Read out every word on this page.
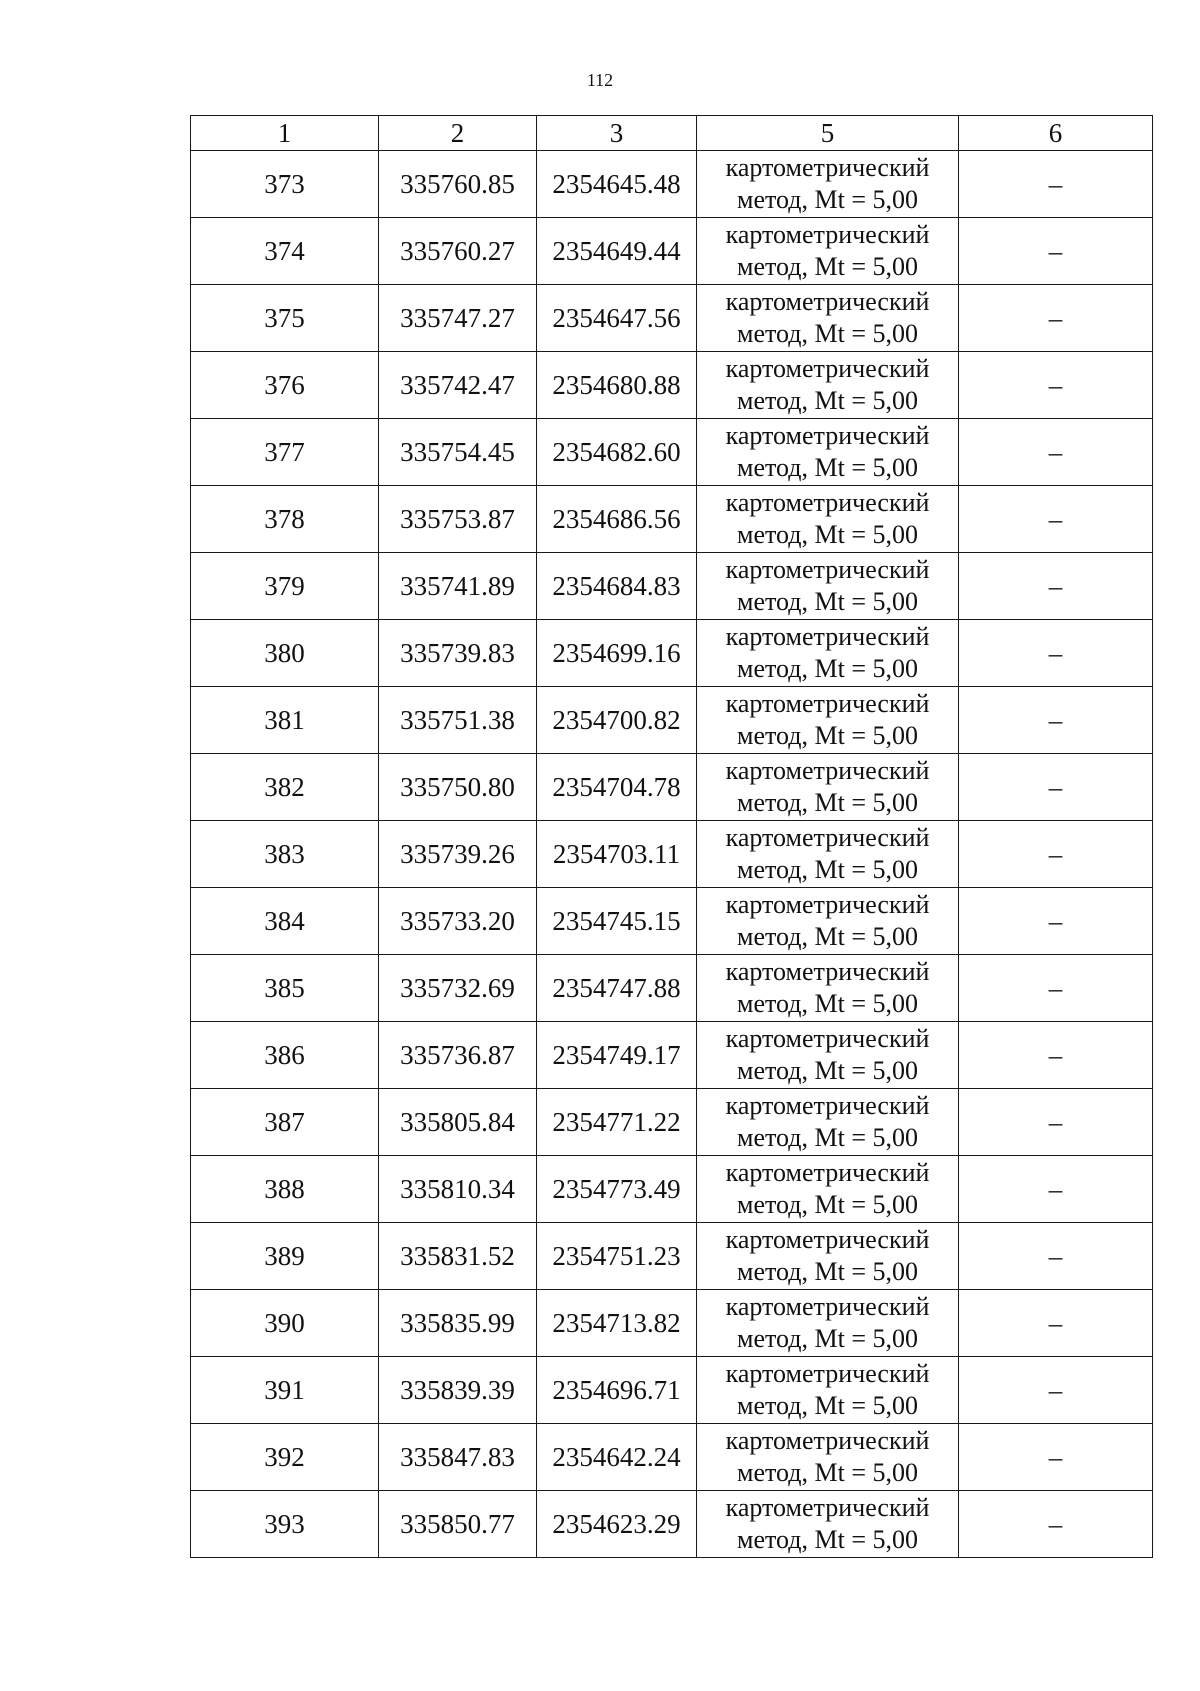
112
1	2	3	5	6
373	335760.85	2354645.48	картометрический
метод, Mt = 5,00	–
374	335760.27	2354649.44	картометрический
метод, Mt = 5,00	–
375	335747.27	2354647.56	картометрический
метод, Mt = 5,00	–
376	335742.47	2354680.88	картометрический
метод, Mt = 5,00	–
377	335754.45	2354682.60	картометрический
метод, Mt = 5,00	–
378	335753.87	2354686.56	картометрический
метод, Mt = 5,00	–
379	335741.89	2354684.83	картометрический
метод, Mt = 5,00	–
380	335739.83	2354699.16	картометрический
метод, Mt = 5,00	–
381	335751.38	2354700.82	картометрический
метод, Mt = 5,00	–
382	335750.80	2354704.78	картометрический
метод, Mt = 5,00	–
383	335739.26	2354703.11	картометрический
метод, Mt = 5,00	–
384	335733.20	2354745.15	картометрический
метод, Mt = 5,00	–
385	335732.69	2354747.88	картометрический
метод, Mt = 5,00	–
386	335736.87	2354749.17	картометрический
метод, Mt = 5,00	–
387	335805.84	2354771.22	картометрический
метод, Mt = 5,00	–
388	335810.34	2354773.49	картометрический
метод, Mt = 5,00	–
389	335831.52	2354751.23	картометрический
метод, Mt = 5,00	–
390	335835.99	2354713.82	картометрический
метод, Mt = 5,00	–
391	335839.39	2354696.71	картометрический
метод, Mt = 5,00	–
392	335847.83	2354642.24	картометрический
метод, Mt = 5,00	–
393	335850.77	2354623.29	картометрический
метод, Mt = 5,00	–
